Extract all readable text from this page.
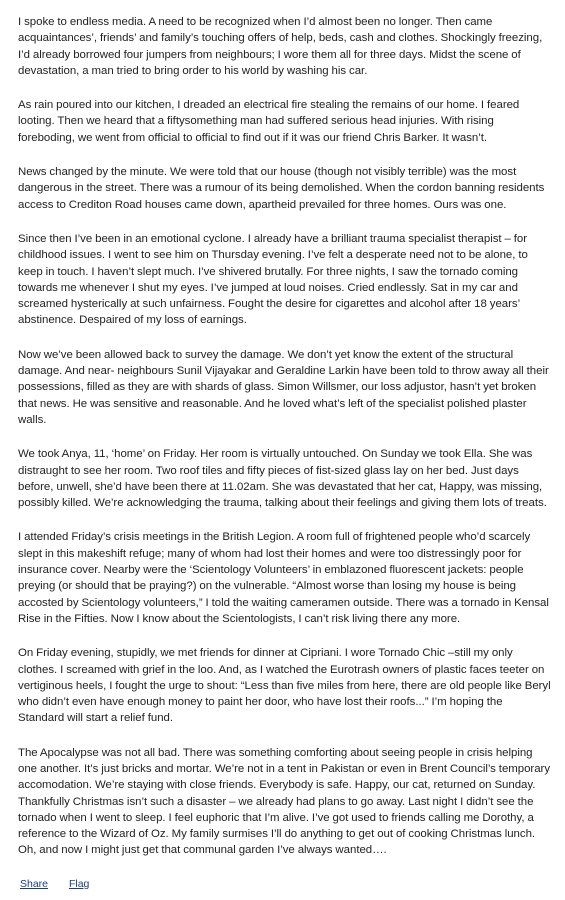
I spoke to endless media. A need to be recognized when I’d almost been no longer. Then came acquaintances’, friends’ and family’s touching offers of help, beds, cash and clothes. Shockingly freezing, I’d already borrowed four jumpers from neighbours; I wore them all for three days. Midst the scene of devastation, a man tried to bring order to his world by washing his car.

As rain poured into our kitchen, I dreaded an electrical fire stealing the remains of our home. I feared looting. Then we heard that a fiftysomething man had suffered serious head injuries. With rising foreboding, we went from official to official to find out if it was our friend Chris Barker. It wasn’t.

News changed by the minute. We were told that our house (though not visibly terrible) was the most dangerous in the street. There was a rumour of its being demolished. When the cordon banning residents access to Crediton Road houses came down, apartheid prevailed for three homes. Ours was one.

Since then I’ve been in an emotional cyclone. I already have a brilliant trauma specialist therapist – for childhood issues. I went to see him on Thursday evening. I’ve felt a desperate need not to be alone, to keep in touch. I haven’t slept much. I’ve shivered brutally. For three nights, I saw the tornado coming towards me whenever I shut my eyes. I’ve jumped at loud noises. Cried endlessly. Sat in my car and screamed hysterically at such unfairness. Fought the desire for cigarettes and alcohol after 18 years’ abstinence. Despaired of my loss of earnings.

Now we’ve been allowed back to survey the damage. We don’t yet know the extent of the structural damage. And near- neighbours Sunil Vijayakar and Geraldine Larkin have been told to throw away all their possessions, filled as they are with shards of glass. Simon Willsmer, our loss adjustor, hasn’t yet broken that news. He was sensitive and reasonable. And he loved what’s left of the specialist polished plaster walls.

We took Anya, 11, ‘home’ on Friday. Her room is virtually untouched. On Sunday we took Ella. She was distraught to see her room. Two roof tiles and fifty pieces of fist-sized glass lay on her bed. Just days before, unwell, she’d have been there at 11.02am. She was devastated that her cat, Happy, was missing, possibly killed. We’re acknowledging the trauma, talking about their feelings and giving them lots of treats.

I attended Friday’s crisis meetings in the British Legion. A room full of frightened people who’d scarcely slept in this makeshift refuge; many of whom had lost their homes and were too distressingly poor for insurance cover. Nearby were the ‘Scientology Volunteers’ in emblazoned fluorescent jackets: people preying (or should that be praying?) on the vulnerable. “Almost worse than losing my house is being accosted by Scientology volunteers,” I told the waiting cameramen outside. There was a tornado in Kensal Rise in the Fifties. Now I know about the Scientologists, I can’t risk living there any more.

On Friday evening, stupidly, we met friends for dinner at Cipriani. I wore Tornado Chic –still my only clothes. I screamed with grief in the loo. And, as I watched the Eurotrash owners of plastic faces teeter on vertiginous heels, I fought the urge to shout: “Less than five miles from here, there are old people like Beryl who didn’t even have enough money to paint her door, who have lost their roofs...” I’m hoping the Standard will start a relief fund.

The Apocalypse was not all bad. There was something comforting about seeing people in crisis helping one another. It’s just bricks and mortar. We’re not in a tent in Pakistan or even in Brent Council’s temporary accomodation. We’re staying with close friends. Everybody is safe. Happy, our cat, returned on Sunday. Thankfully Christmas isn’t such a disaster – we already had plans to go away. Last night I didn’t see the tornado when I went to sleep. I feel euphoric that I’m alive. I’ve got used to friends calling me Dorothy, a reference to the Wizard of Oz. My family surmises I’ll do anything to get out of cooking Christmas lunch. Oh, and now I might just get that communal garden I’ve always wanted….

Share Flag
